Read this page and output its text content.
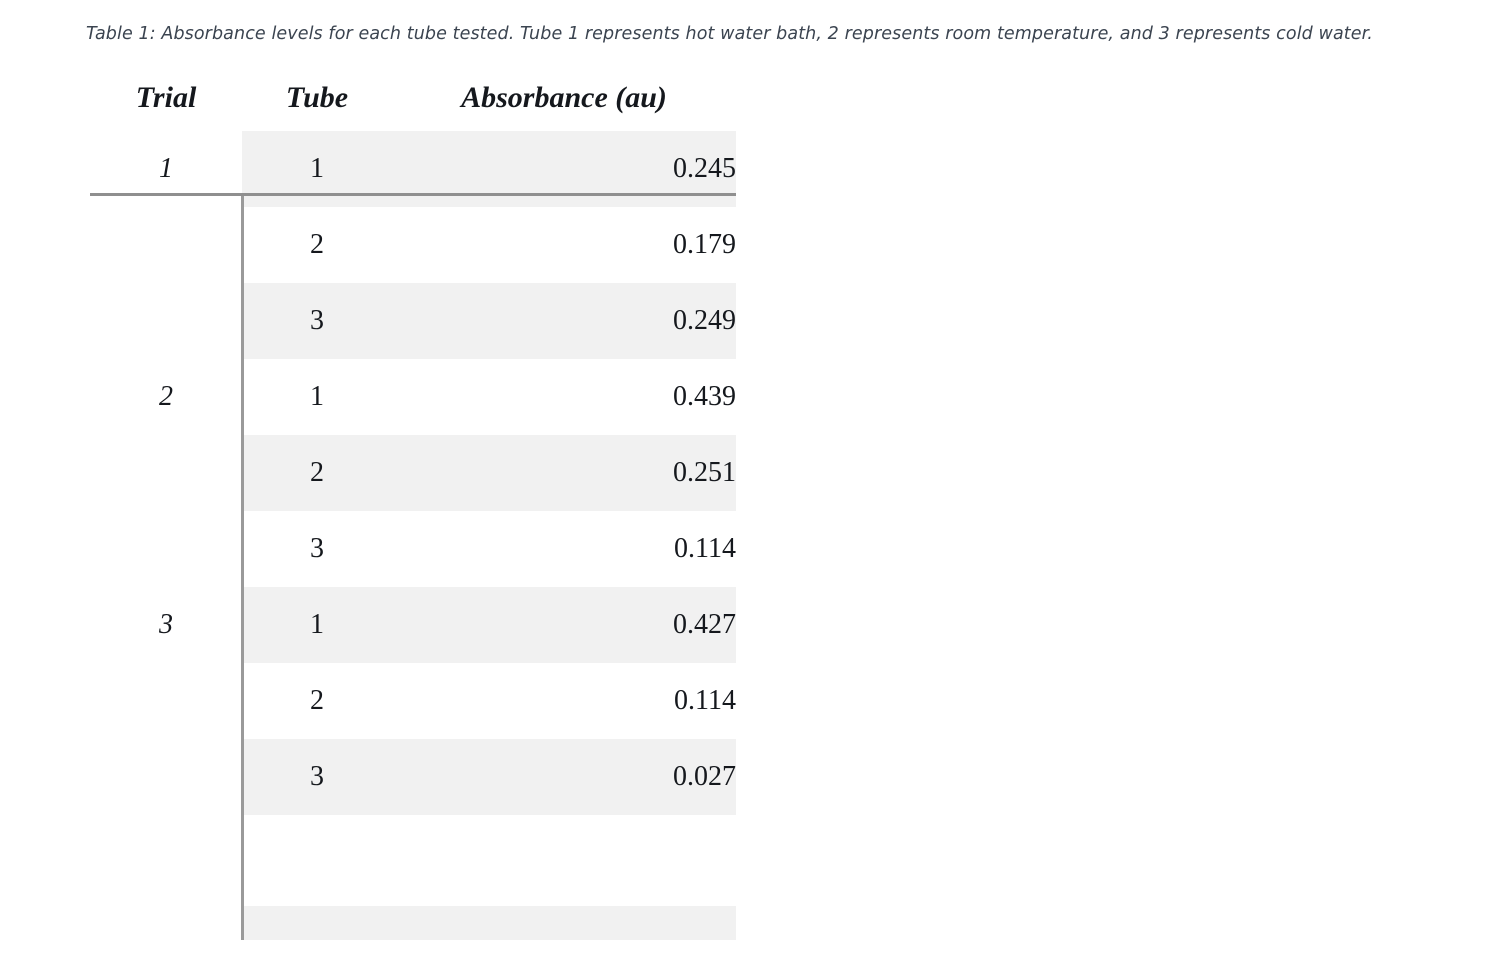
Table 1: Absorbance levels for each tube tested. Tube 1 represents hot water bath, 2 represents room temperature, and 3 represents cold water.
Trial	Tube	Absorbance (au)
1	1	0.245
	2	0.179
	3	0.249
2	1	0.439
	2	0.251
	3	0.114
3	1	0.427
	2	0.114
	3	0.027
